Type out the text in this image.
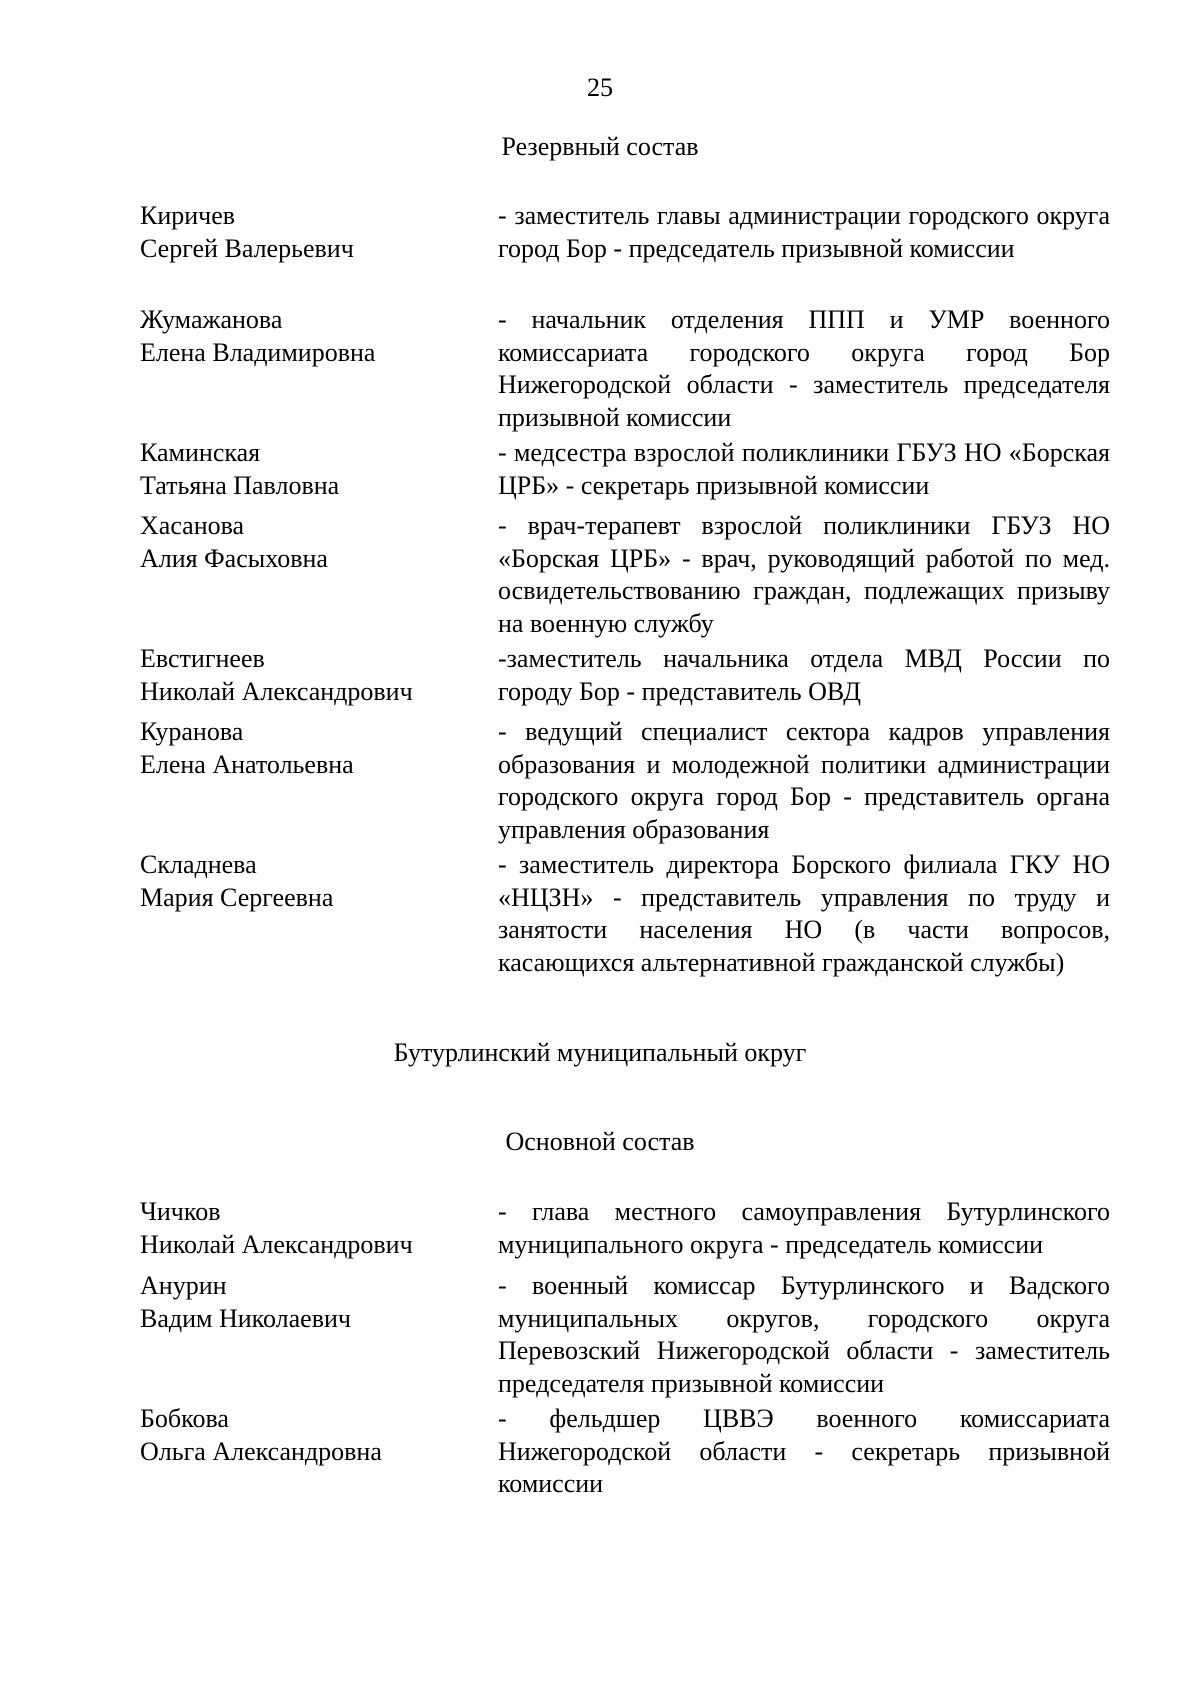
25
Резервный состав
Киричев
Сергей Валерьевич
- заместитель главы администрации городского округа город Бор - председатель призывной комиссии
Жумажанова
Елена Владимировна
- начальник отделения ППП и УМР военного комиссариата городского округа город Бор Нижегородской области - заместитель председателя призывной комиссии
Каминская
Татьяна Павловна
- медсестра взрослой поликлиники ГБУЗ НО «Борская ЦРБ» - секретарь призывной комиссии
Хасанова
Алия Фасыховна
- врач-терапевт взрослой поликлиники ГБУЗ НО «Борская ЦРБ» - врач, руководящий работой по мед. освидетельствованию граждан, подлежащих призыву на военную службу
Евстигнеев
Николай Александрович
-заместитель начальника отдела МВД России по городу Бор - представитель ОВД
Куранова
Елена Анатольевна
- ведущий специалист сектора кадров управления образования и молодежной политики администрации городского округа город Бор - представитель органа управления образования
Складнева
Мария Сергеевна
- заместитель директора Борского филиала ГКУ НО «НЦЗН» - представитель управления по труду и занятости населения НО (в части вопросов, касающихся альтернативной гражданской службы)
Бутурлинский муниципальный округ
Основной состав
Чичков
Николай Александрович
- глава местного самоуправления Бутурлинского муниципального округа - председатель комиссии
Анурин
Вадим Николаевич
- военный комиссар Бутурлинского и Вадского муниципальных округов, городского округа Перевозский Нижегородской области - заместитель председателя призывной комиссии
Бобкова
Ольга Александровна
- фельдшер ЦВВЭ военного комиссариата Нижегородской области - секретарь призывной комиссии
